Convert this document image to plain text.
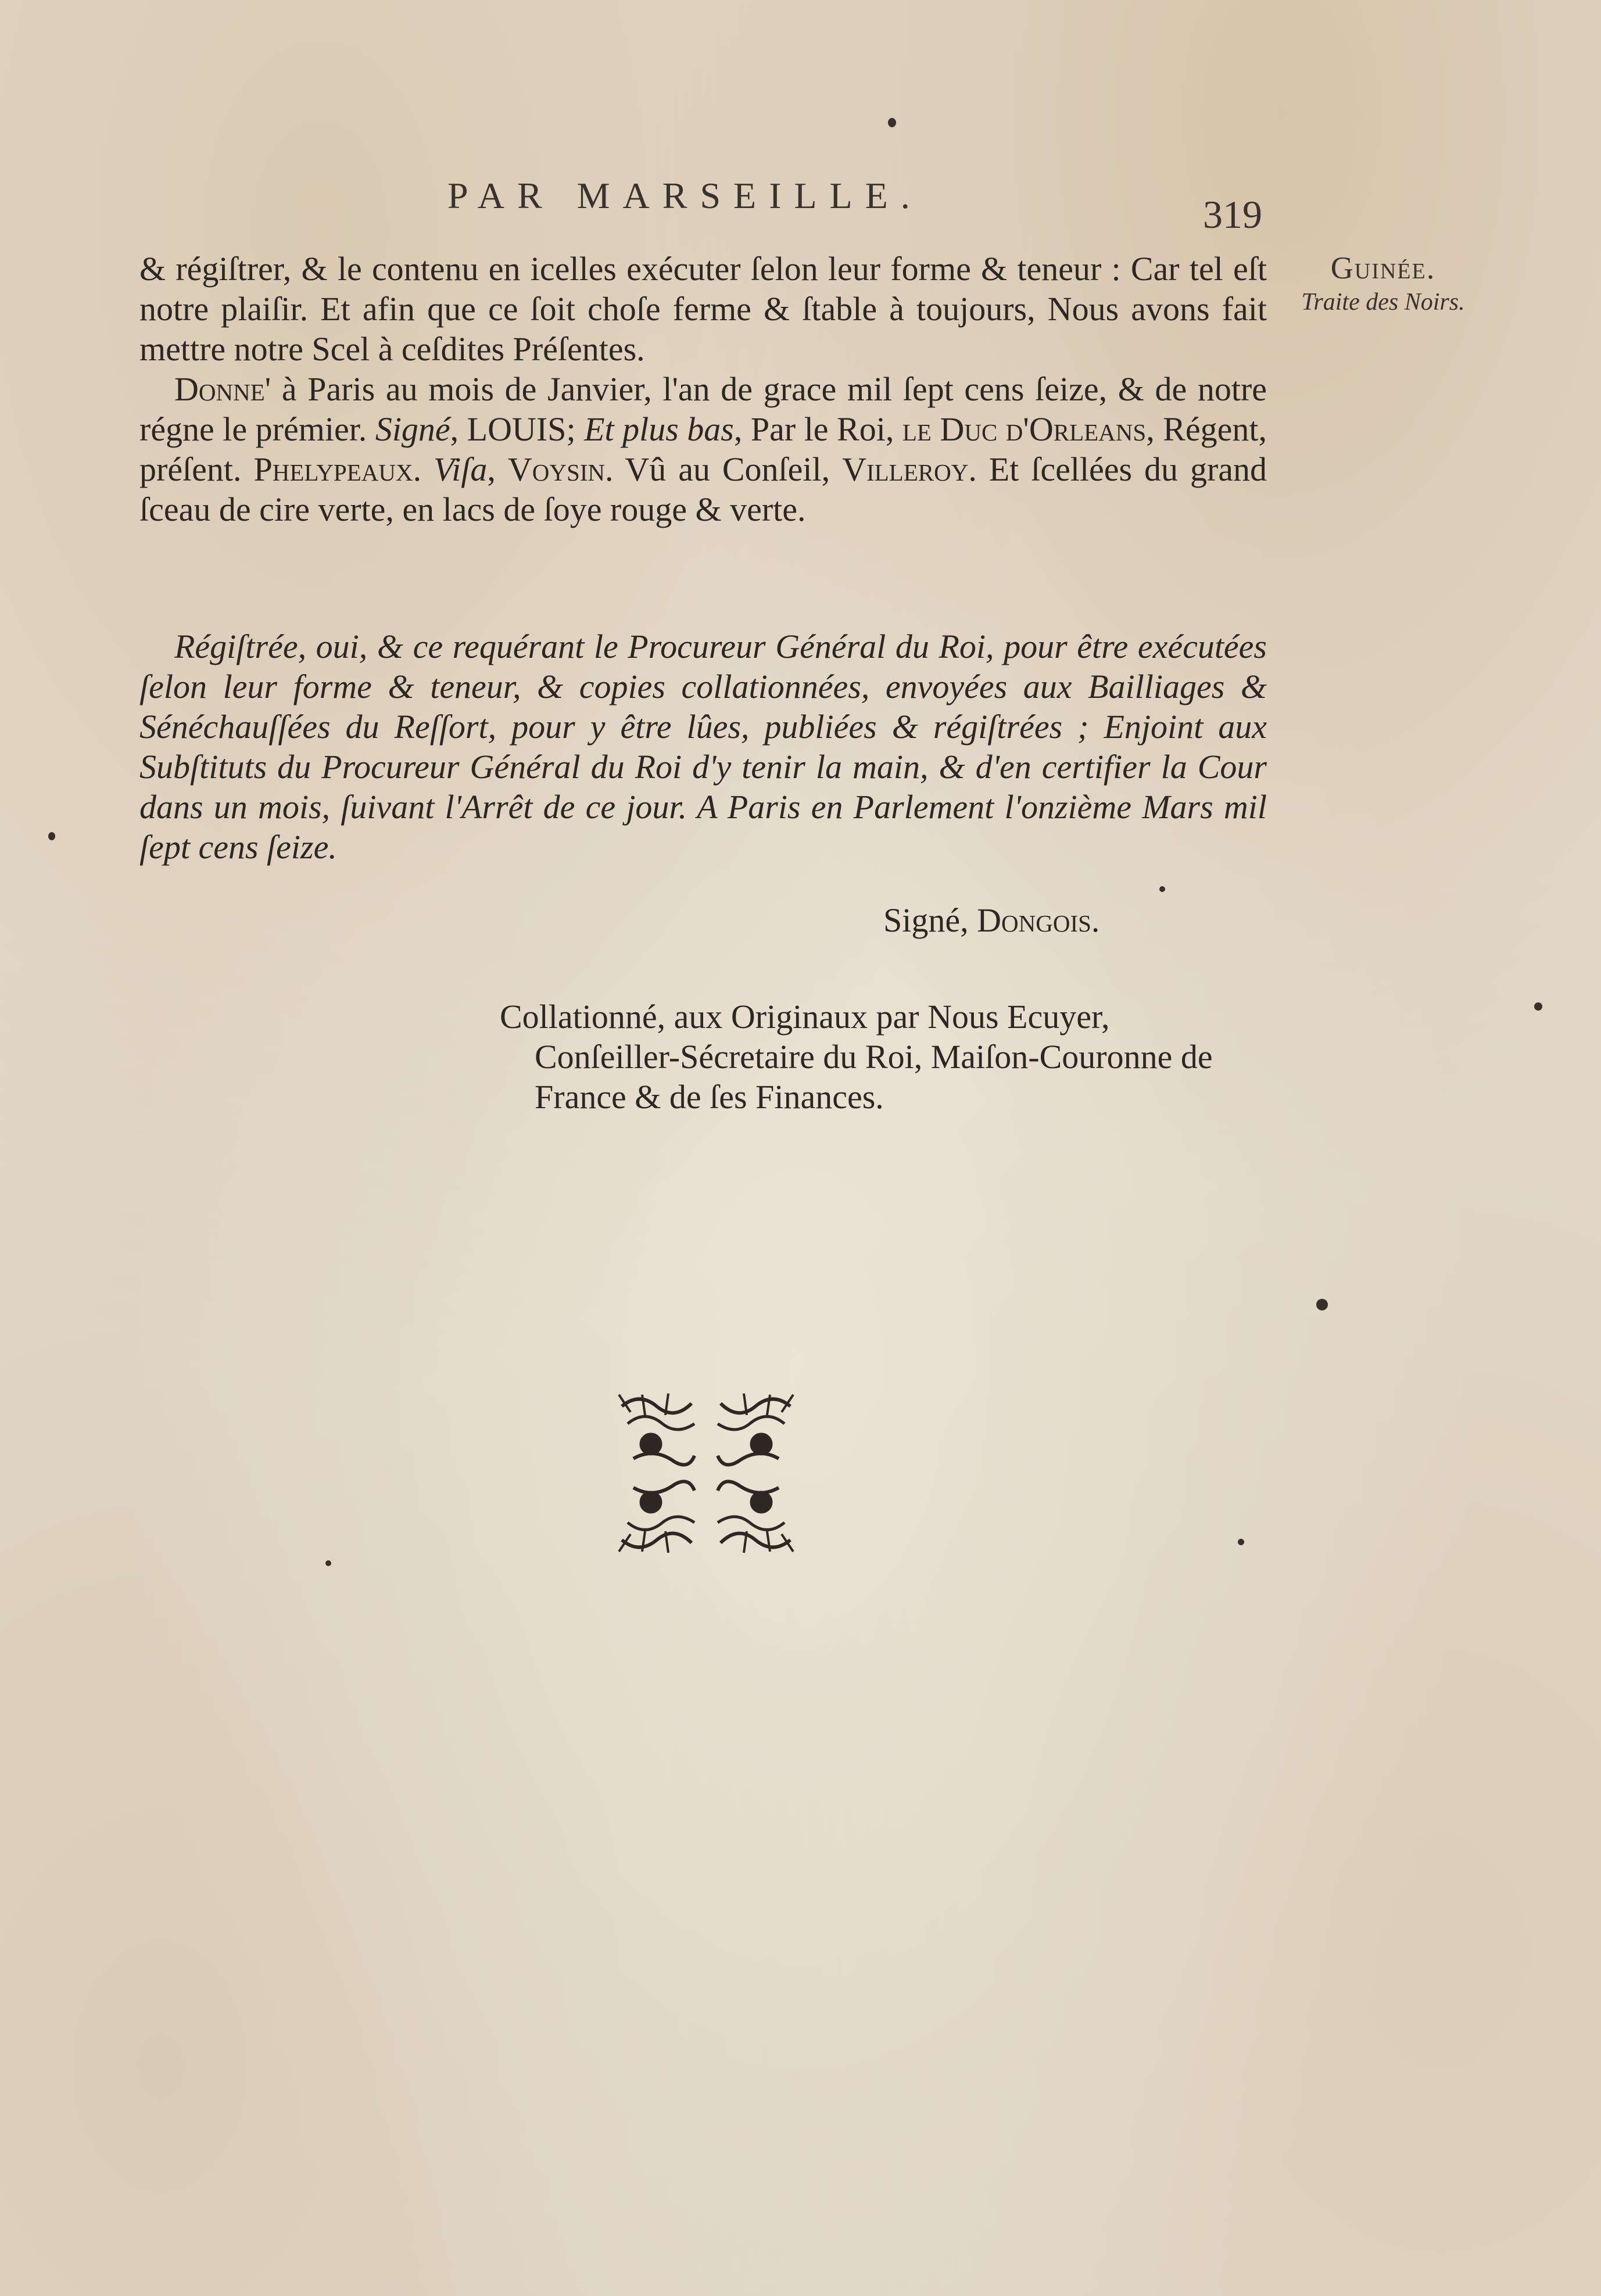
PAR MARSEILLE.	319
Guinée.
Traite des Noirs.

& régiſtrer, & le contenu en icelles exécuter ſelon leur forme & teneur : Car tel eſt notre plaiſir. Et afin que ce ſoit choſe ferme & ſtable à toujours, Nous avons fait mettre notre Scel à ceſdites Préſentes.

Donne' à Paris au mois de Janvier, l'an de grace mil ſept cens ſeize, & de notre régne le prémier. Signé, LOUIS; Et plus bas, Par le Roi, le Duc d'Orleans, Régent, préſent. Phelypeaux. Viſa, Voysin. Vû au Conſeil, Villeroy. Et ſcellées du grand ſceau de cire verte, en lacs de ſoye rouge & verte.

Régiſtrée, oui, & ce requérant le Procureur Général du Roi, pour être exécutées ſelon leur forme & teneur, & copies collationnées, envoyées aux Bailliages & Sénéchauſſées du Reſſort, pour y être lûes, publiées & régiſtrées ; Enjoint aux Subſtituts du Procureur Général du Roi d'y tenir la main, & d'en certifier la Cour dans un mois, ſuivant l'Arrêt de ce jour. A Paris en Parlement l'onzième Mars mil ſept cens ſeize.

Signé, Dongois.
Collationné, aux Originaux par Nous Ecuyer,
Conſeiller-Sécretaire du Roi, Maiſon-Couronne de France & de ſes Finances.
